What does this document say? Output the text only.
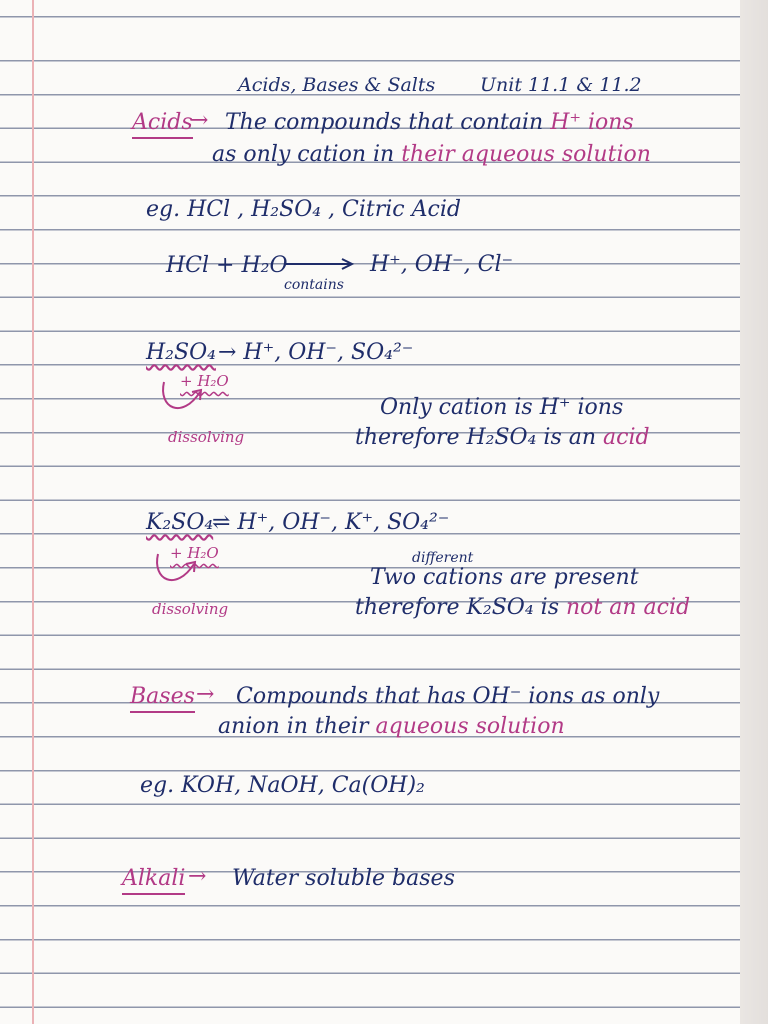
Acids, Bases & Salts Unit 11.1 & 11.2
Acids
→ The compounds that contain H⁺ ions
as only cation in their aqueous solution
eg. HCl , H₂SO₄ , Citric Acid
HCl + H₂O
contains
H⁺, OH⁻, Cl⁻
H₂SO₄ → H⁺, OH⁻, SO₄²⁻
+ H₂O
dissolving
Only cation is H⁺ ions
therefore H₂SO₄ is an acid
K₂SO₄
⇌ H⁺, OH⁻, K⁺, SO₄²⁻
+ H₂O
dissolving
different
Two cations are present
therefore K₂SO₄ is not an acid
Bases → Compounds that has OH⁻ ions as only
anion in their aqueous solution
eg. KOH, NaOH, Ca(OH)₂
Alkali → Water soluble bases
